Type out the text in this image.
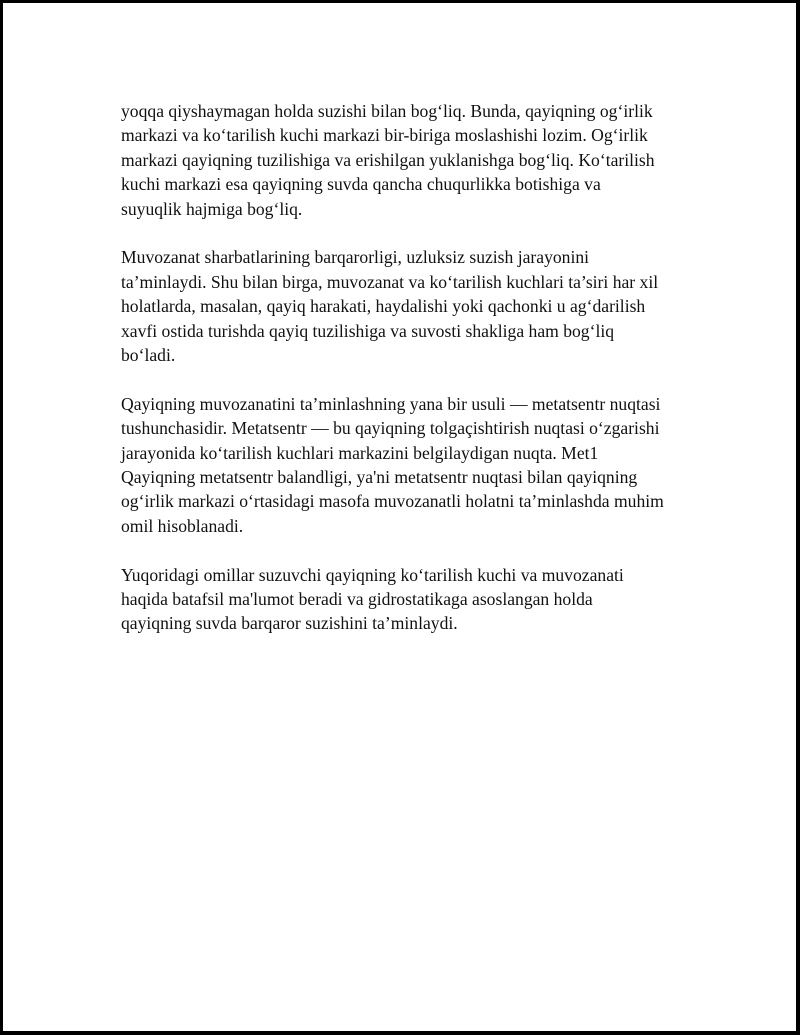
yoqqa qiyshaymagan holda suzishi bilan bog‘liq. Bunda, qayiqning og‘irlik
markazi va ko‘tarilish kuchi markazi bir-biriga moslashishi lozim. Og‘irlik
markazi qayiqning tuzilishiga va erishilgan yuklanishga bog‘liq. Ko‘tarilish
kuchi markazi esa qayiqning suvda qancha chuqurlikka botishiga va
suyuqlik hajmiga bog‘liq.

Muvozanat sharbatlarining barqarorligi, uzluksiz suzish jarayonini
ta’minlaydi. Shu bilan birga, muvozanat va ko‘tarilish kuchlari ta’siri har xil
holatlarda, masalan, qayiq harakati, haydalishi yoki qachonki u ag‘darilish
xavfi ostida turishda qayiq tuzilishiga va suvosti shakliga ham bog‘liq
bo‘ladi.

Qayiqning muvozanatini ta’minlashning yana bir usuli — metatsentr nuqtasi
tushunchasidir. Metatsentr — bu qayiqning tolgaçishtirish nuqtasi o‘zgarishi
jarayonida ko‘tarilish kuchlari markazini belgilaydigan nuqta. Met1
Qayiqning metatsentr balandligi, ya'ni metatsentr nuqtasi bilan qayiqning
og‘irlik markazi o‘rtasidagi masofa muvozanatli holatni ta’minlashda muhim
omil hisoblanadi.

Yuqoridagi omillar suzuvchi qayiqning ko‘tarilish kuchi va muvozanati
haqida batafsil ma'lumot beradi va gidrostatikaga asoslangan holda
qayiqning suvda barqaror suzishini ta’minlaydi.
